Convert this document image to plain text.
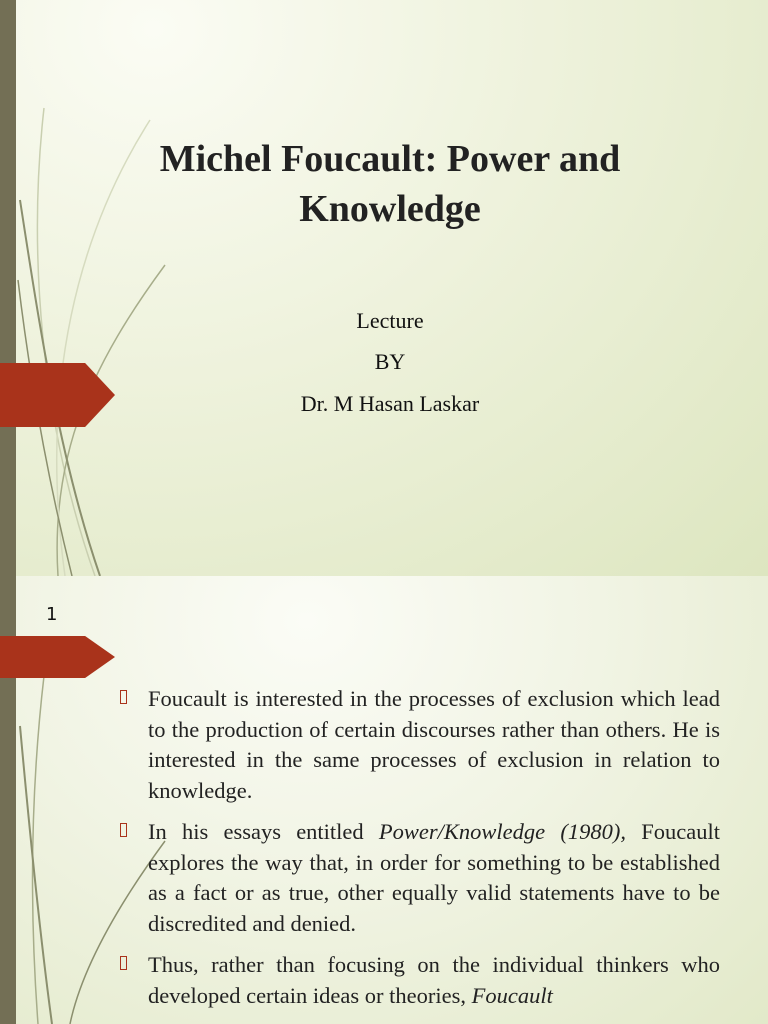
Michel Foucault: Power and Knowledge
Lecture
BY
Dr. M Hasan Laskar
1
Foucault is interested in the processes of exclusion which lead to the production of certain discourses rather than others. He is interested in the same processes of exclusion in relation to knowledge.
In his essays entitled Power/Knowledge (1980), Foucault explores the way that, in order for something to be established as a fact or as true, other equally valid statements have to be discredited and denied.
Thus, rather than focusing on the individual thinkers who developed certain ideas or theories, Foucault
